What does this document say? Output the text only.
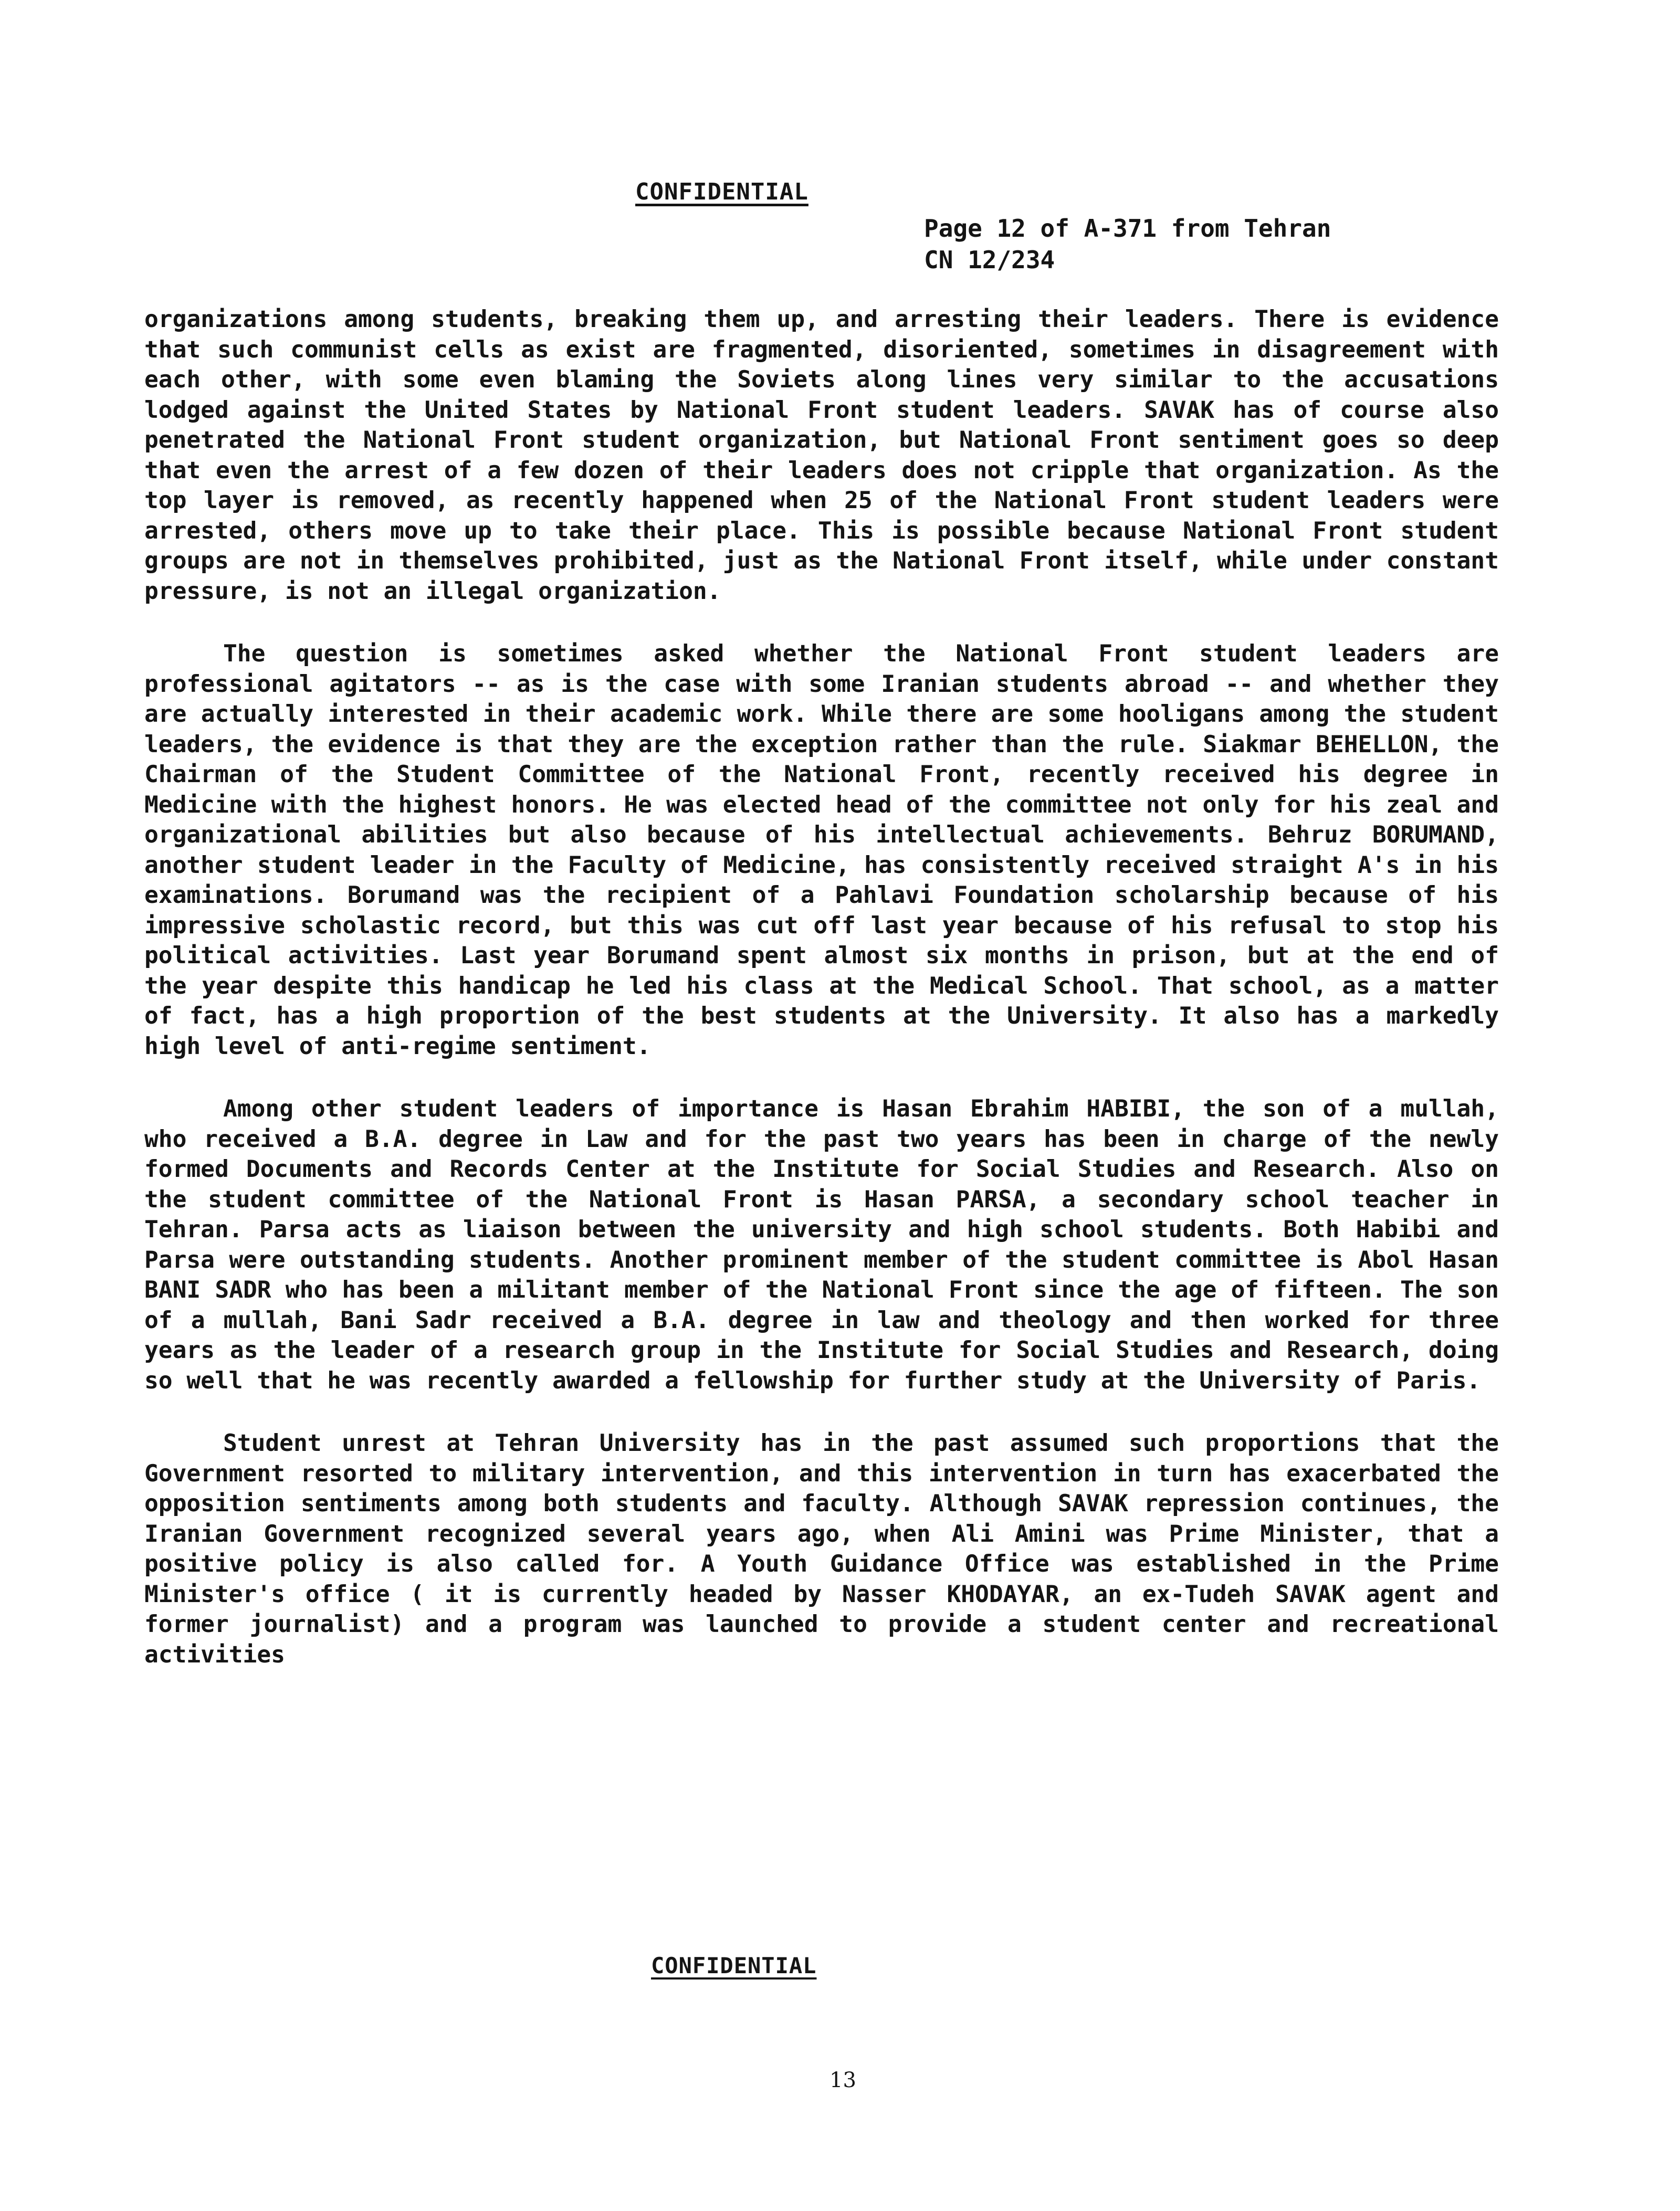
CONFIDENTIAL
Page 12 of A-371 from Tehran
CN 12/234

organizations among students, breaking them up, and arresting their leaders. There is evidence that such communist cells as exist are fragmented, disoriented, sometimes in disagreement with each other, with some even blaming the Soviets along lines very similar to the accusations lodged against the United States by National Front student leaders. SAVAK has of course also penetrated the National Front student organization, but National Front sentiment goes so deep that even the arrest of a few dozen of their leaders does not cripple that organization. As the top layer is removed, as recently happened when 25 of the National Front student leaders were arrested, others move up to take their place. This is possible because National Front student groups are not in themselves prohibited, just as the National Front itself, while under constant pressure, is not an illegal organization.

The question is sometimes asked whether the National Front student leaders are professional agitators -- as is the case with some Iranian students abroad -- and whether they are actually interested in their academic work. While there are some hooligans among the student leaders, the evidence is that they are the exception rather than the rule. Siakmar BEHELLON, the Chairman of the Student Committee of the National Front, recently received his degree in Medicine with the highest honors. He was elected head of the committee not only for his zeal and organizational abilities but also because of his intellectual achievements. Behruz BORUMAND, another student leader in the Faculty of Medicine, has consistently received straight A's in his examinations. Borumand was the recipient of a Pahlavi Foundation scholarship because of his impressive scholastic record, but this was cut off last year because of his refusal to stop his political activities. Last year Borumand spent almost six months in prison, but at the end of the year despite this handicap he led his class at the Medical School. That school, as a matter of fact, has a high proportion of the best students at the University. It also has a markedly high level of anti-regime sentiment.

Among other student leaders of importance is Hasan Ebrahim HABIBI, the son of a mullah, who received a B.A. degree in Law and for the past two years has been in charge of the newly formed Documents and Records Center at the Institute for Social Studies and Research. Also on the student committee of the National Front is Hasan PARSA, a secondary school teacher in Tehran. Parsa acts as liaison between the university and high school students. Both Habibi and Parsa were outstanding students. Another prominent member of the student committee is Abol Hasan BANI SADR who has been a militant member of the National Front since the age of fifteen. The son of a mullah, Bani Sadr received a B.A. degree in law and theology and then worked for three years as the leader of a research group in the Institute for Social Studies and Research, doing so well that he was recently awarded a fellowship for further study at the University of Paris.

Student unrest at Tehran University has in the past assumed such proportions that the Government resorted to military intervention, and this intervention in turn has exacerbated the opposition sentiments among both students and faculty. Although SAVAK repression continues, the Iranian Government recognized several years ago, when Ali Amini was Prime Minister, that a positive policy is also called for. A Youth Guidance Office was established in the Prime Minister's office ( it is currently headed by Nasser KHODAYAR, an ex-Tudeh SAVAK agent and former journalist) and a program was launched to provide a student center and recreational activities

CONFIDENTIAL
13
